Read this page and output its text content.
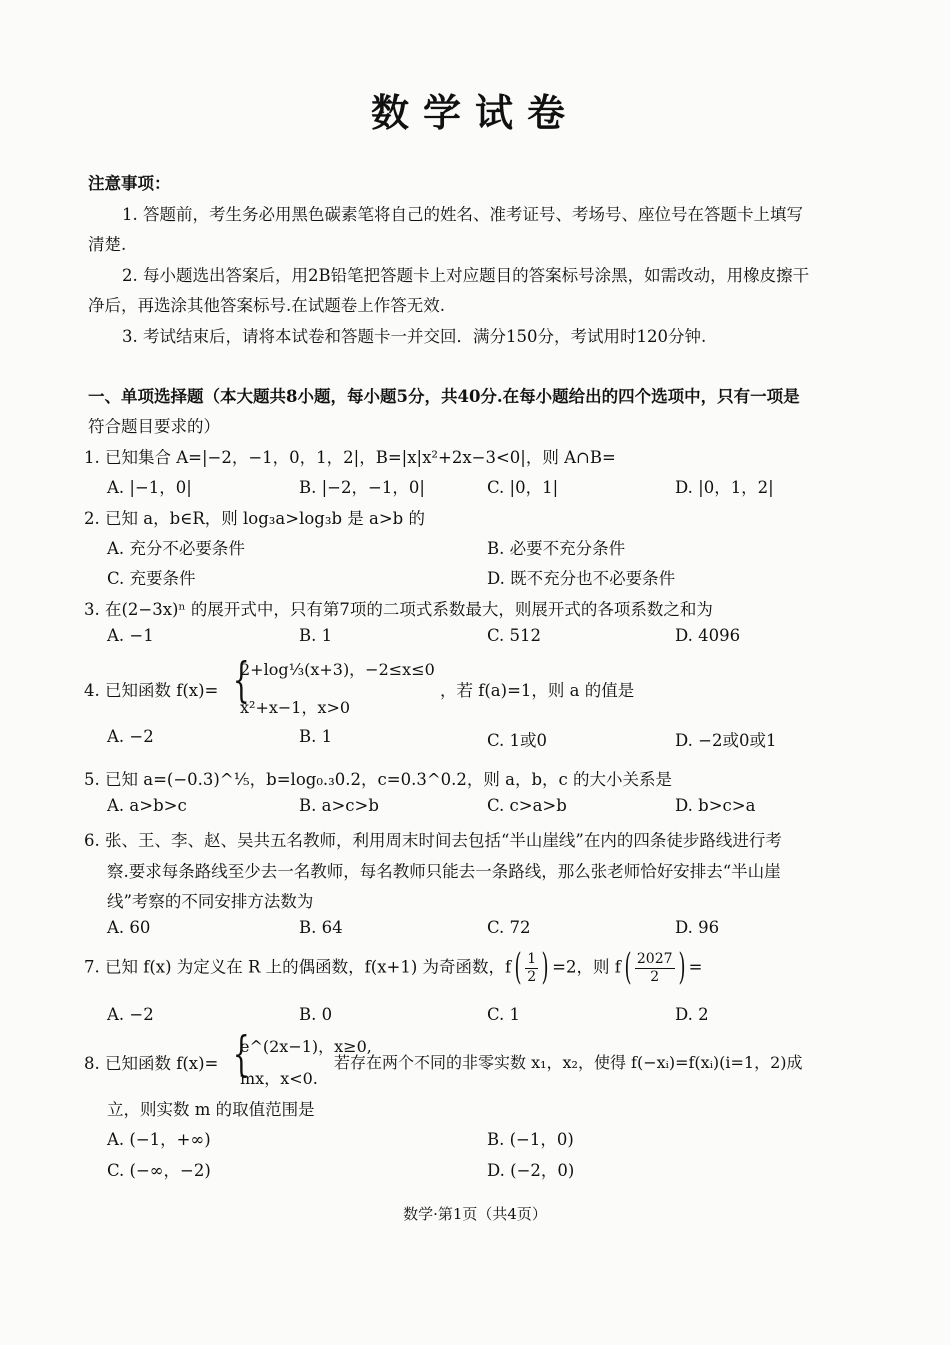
数学试卷
注意事项：
1. 答题前，考生务必用黑色碳素笔将自己的姓名、准考证号、考场号、座位号在答题卡上填写
清楚.
2. 每小题选出答案后，用2B铅笔把答题卡上对应题目的答案标号涂黑，如需改动，用橡皮擦干
净后，再选涂其他答案标号.在试题卷上作答无效.
3. 考试结束后，请将本试卷和答题卡一并交回．满分150分，考试用时120分钟.
一、单项选择题（本大题共8小题，每小题5分，共40分.在每小题给出的四个选项中，只有一项是
符合题目要求的）
1. 已知集合 A=|−2，−1，0，1，2|，B=|x|x²+2x−3<0|，则 A∩B=
A. |−1，0|	B. |−2，−1，0|	C. |0，1|	D. |0，1，2|
2. 已知 a，b∈R，则 log₃a>log₃b 是 a>b 的
A. 充分不必要条件	B. 必要不充分条件
C. 充要条件	D. 既不充分也不必要条件
3. 在(2−3x)ⁿ 的展开式中，只有第7项的二项式系数最大，则展开式的各项系数之和为
A. −1	B. 1	C. 512	D. 4096
4. 已知函数 f(x)= {
2+log⅓(x+3)，−2≤x≤0
x²+x−1，x>0
，若 f(a)=1，则 a 的值是
A. −2	B. 1	C. 1或0	D. −2或0或1
5. 已知 a=(−0.3)^⅕，b=log₀.₃0.2，c=0.3^0.2，则 a，b，c 的大小关系是
A. a>b>c	B. a>c>b	C. c>a>b	D. b>c>a
6. 张、王、李、赵、吴共五名教师，利用周末时间去包括“半山崖线”在内的四条徒步路线进行考
察.要求每条路线至少去一名教师，每名教师只能去一条路线，那么张老师恰好安排去“半山崖
线”考察的不同安排方法数为
A. 60	B. 64	C. 72	D. 96
7. 已知 f(x) 为定义在 R 上的偶函数，f(x+1) 为奇函数，$f( \frac{1}{2}$ ) =2，则 $f( \frac{2027}{2}$ ) =
A. −2	B. 0	C. 1	D. 2
8. 已知函数 f(x)= {
e^(2x−1)，x≥0,
mx，x<0.
若存在两个不同的非零实数 x₁，x₂，使得 f(−xᵢ)=f(xᵢ)(i=1，2)成
立，则实数 m 的取值范围是
A. (−1，+∞)	B. (−1，0)
C. (−∞，−2)	D. (−2，0)
数学·第1页（共4页）
